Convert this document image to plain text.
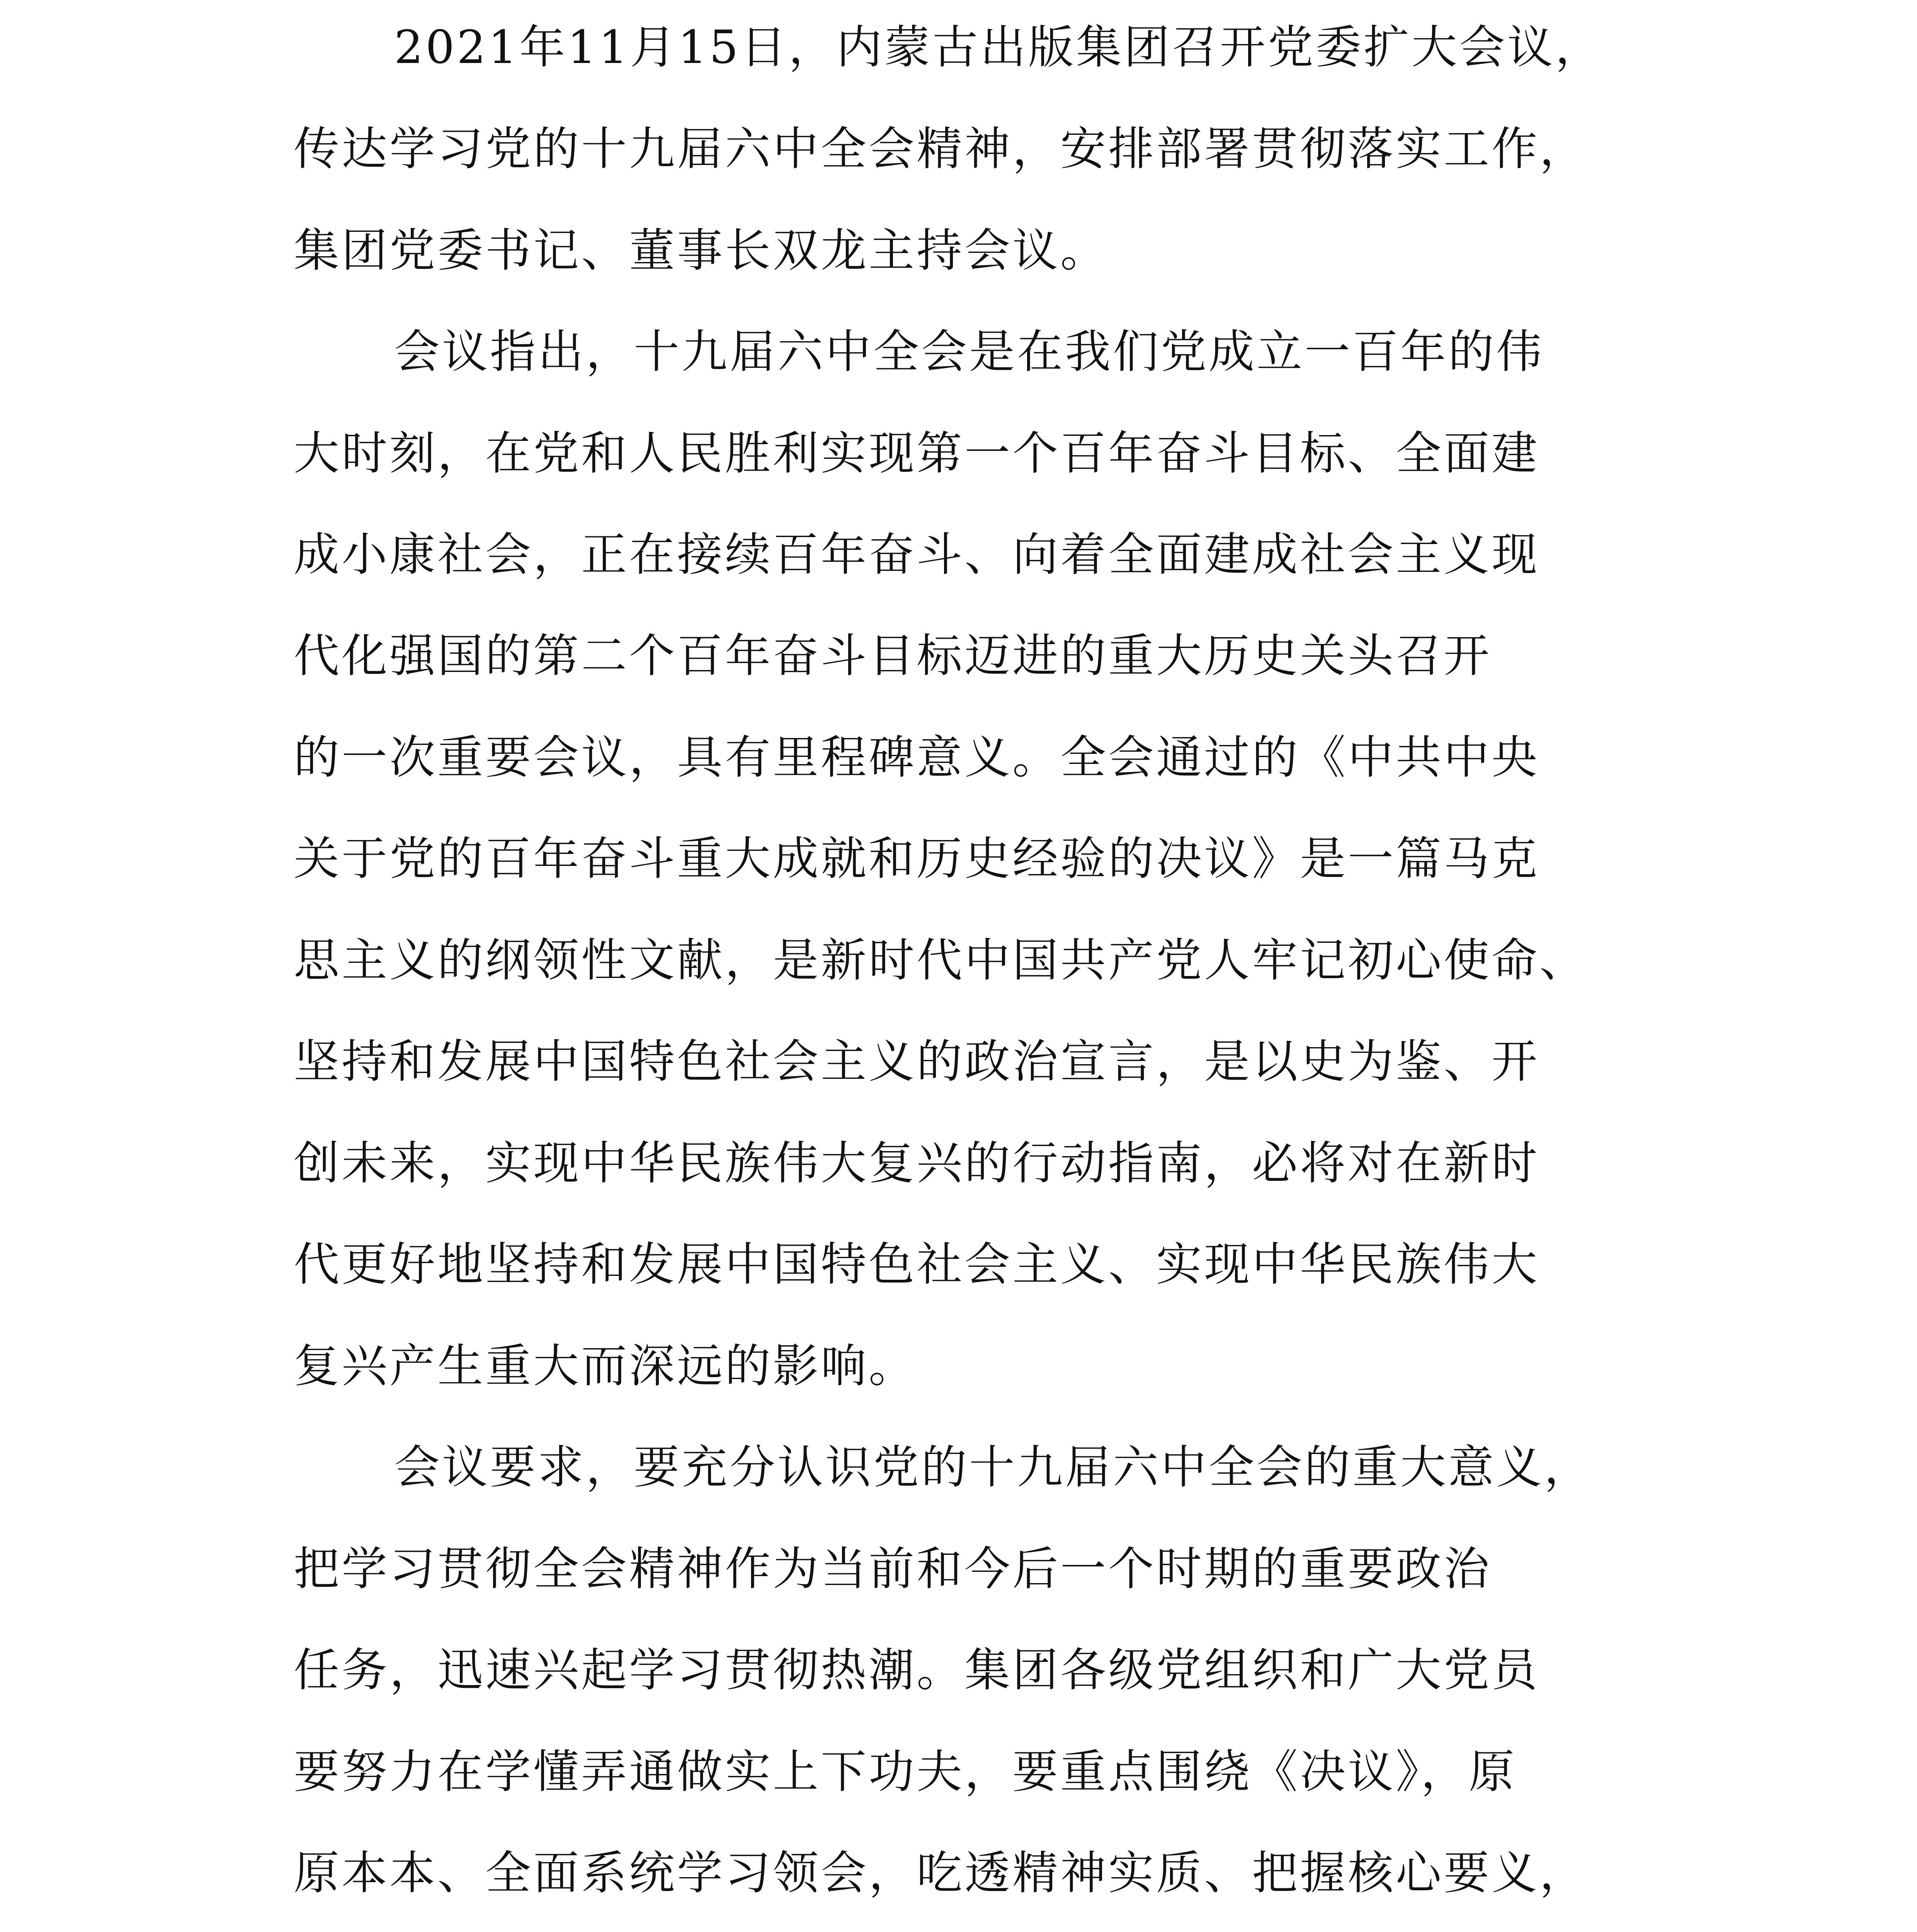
2021年11月15日，内蒙古出版集团召开党委扩大会议，
传达学习党的十九届六中全会精神，安排部署贯彻落实工作，
集团党委书记、董事长双龙主持会议。
会议指出，十九届六中全会是在我们党成立一百年的伟
大时刻，在党和人民胜利实现第一个百年奋斗目标、全面建
成小康社会，正在接续百年奋斗、向着全面建成社会主义现
代化强国的第二个百年奋斗目标迈进的重大历史关头召开
的一次重要会议，具有里程碑意义。全会通过的《中共中央
关于党的百年奋斗重大成就和历史经验的决议》是一篇马克
思主义的纲领性文献，是新时代中国共产党人牢记初心使命、
坚持和发展中国特色社会主义的政治宣言，是以史为鉴、开
创未来，实现中华民族伟大复兴的行动指南，必将对在新时
代更好地坚持和发展中国特色社会主义、实现中华民族伟大
复兴产生重大而深远的影响。
会议要求，要充分认识党的十九届六中全会的重大意义，
把学习贯彻全会精神作为当前和今后一个时期的重要政治
任务，迅速兴起学习贯彻热潮。集团各级党组织和广大党员
要努力在学懂弄通做实上下功夫，要重点围绕《决议》，原
原本本、全面系统学习领会，吃透精神实质、把握核心要义，
